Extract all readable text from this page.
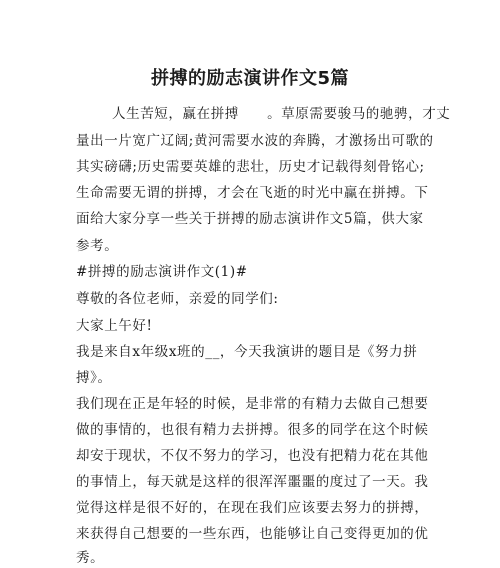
拼搏的励志演讲作文5篇
人生苦短，赢在拼搏　　。草原需要骏马的驰骋，才丈
量出一片宽广辽阔;黄河需要水波的奔腾，才激扬出可歌的
其实磅礴;历史需要英雄的悲壮，历史才记载得刻骨铭心;
生命需要无谓的拼搏，才会在飞逝的时光中赢在拼搏。下
面给大家分享一些关于拼搏的励志演讲作文5篇，供大家
参考。
#拼搏的励志演讲作文(1)#
尊敬的各位老师，亲爱的同学们:
大家上午好!
我是来自x年级x班的__，今天我演讲的题目是《努力拼
搏》。
我们现在正是年轻的时候，是非常的有精力去做自己想要
做的事情的，也很有精力去拼搏。很多的同学在这个时候
却安于现状，不仅不努力的学习，也没有把精力花在其他
的事情上，每天就是这样的很浑浑噩噩的度过了一天。我
觉得这样是很不好的，在现在我们应该要去努力的拼搏，
来获得自己想要的一些东西，也能够让自己变得更加的优
秀。
